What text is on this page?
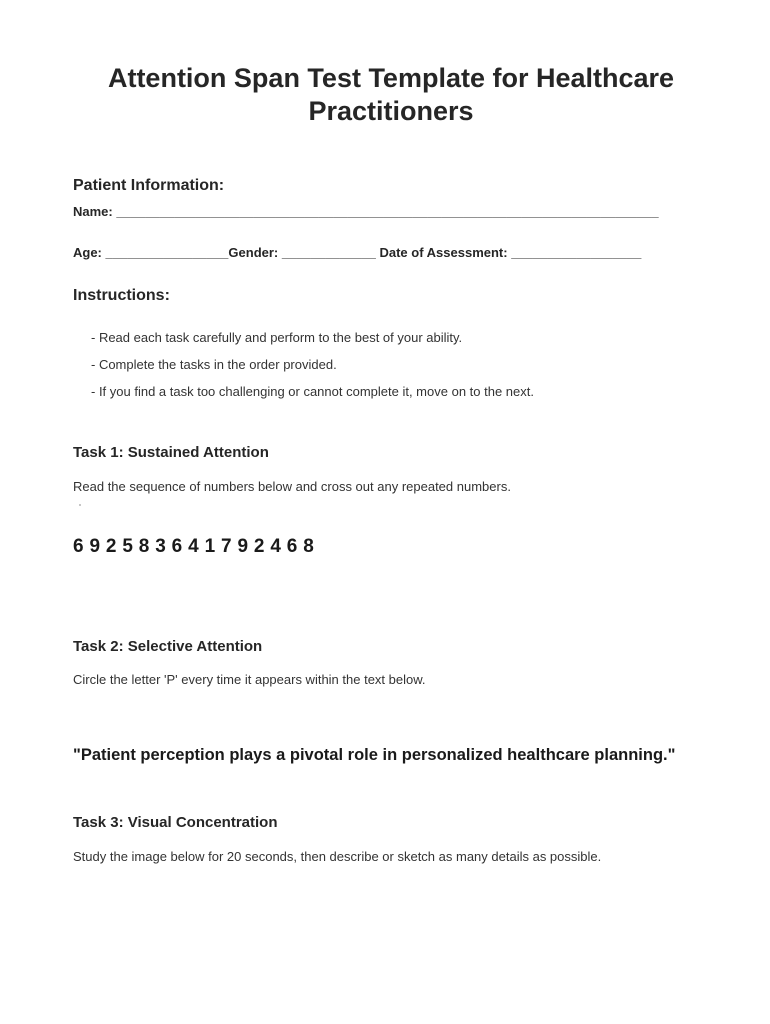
Attention Span Test Template for Healthcare Practitioners
Patient Information:
Name: ___________________________________________________________________________
Age: _________________Gender: _____________ Date of Assessment: __________________
Instructions:
- Read each task carefully and perform to the best of your ability.
- Complete the tasks in the order provided.
- If you find a task too challenging or cannot complete it, move on to the next.
Task 1: Sustained Attention
Read the sequence of numbers below and cross out any repeated numbers.
6 9 2 5 8 3 6 4 1 7 9 2 4 6 8
Task 2: Selective Attention
Circle the letter 'P' every time it appears within the text below.
"Patient perception plays a pivotal role in personalized healthcare planning."
Task 3: Visual Concentration
Study the image below for 20 seconds, then describe or sketch as many details as possible.
